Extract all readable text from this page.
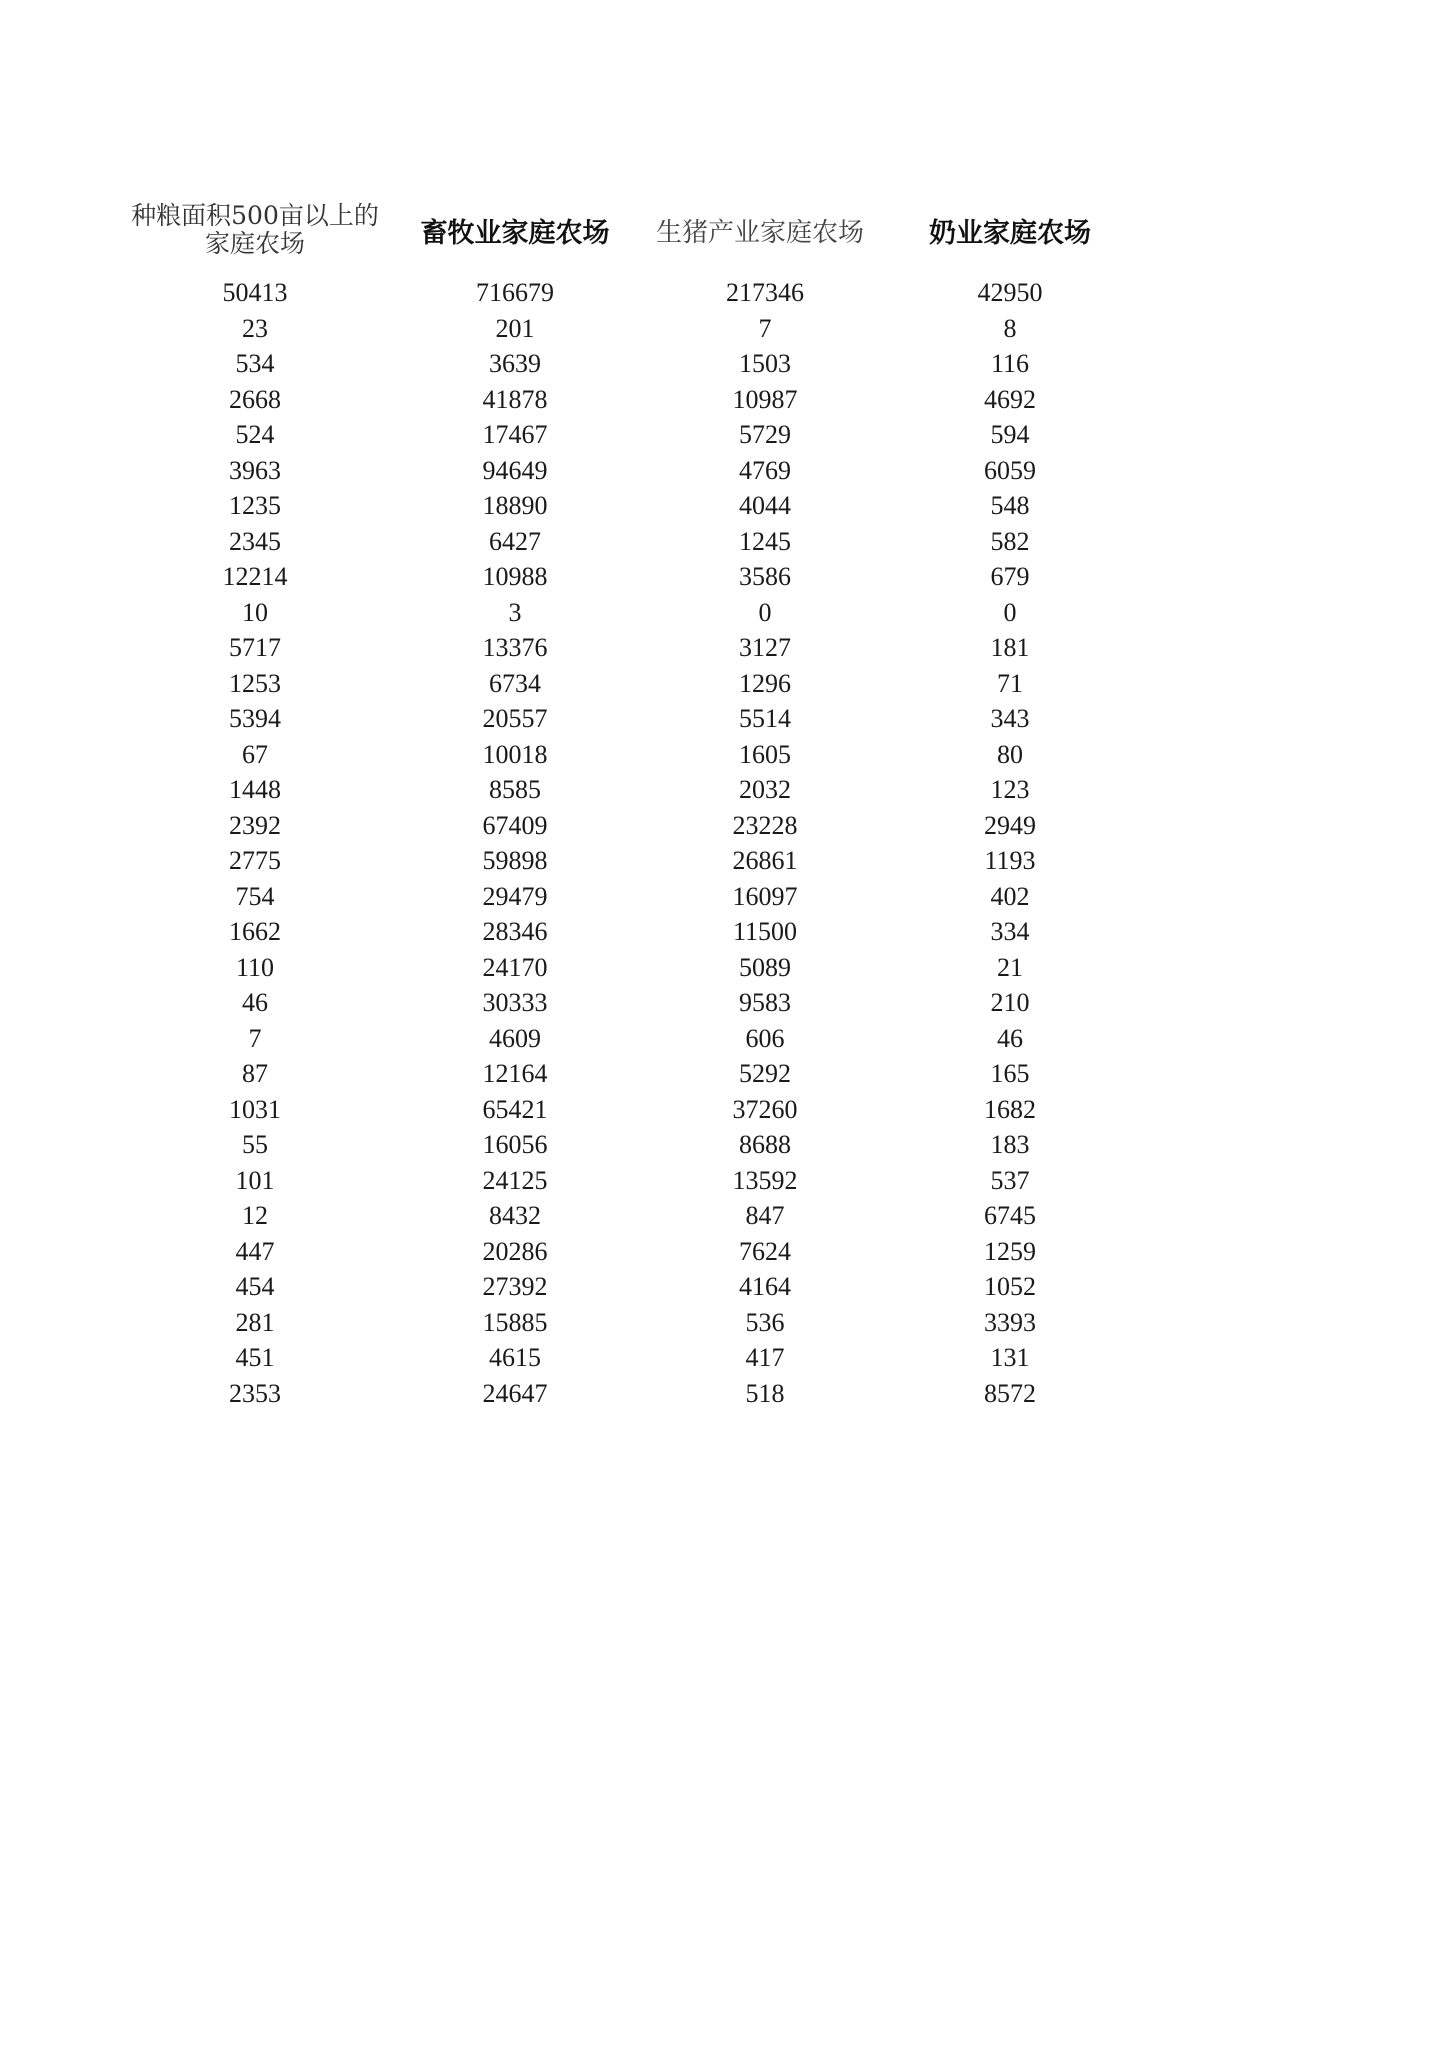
种粮面积500亩以上的
家庭农场	畜牧业家庭农场	生猪产业家庭农场	奶业家庭农场
50413	716679	217346	42950
23	201	7	8
534	3639	1503	116
2668	41878	10987	4692
524	17467	5729	594
3963	94649	4769	6059
1235	18890	4044	548
2345	6427	1245	582
12214	10988	3586	679
10	3	0	0
5717	13376	3127	181
1253	6734	1296	71
5394	20557	5514	343
67	10018	1605	80
1448	8585	2032	123
2392	67409	23228	2949
2775	59898	26861	1193
754	29479	16097	402
1662	28346	11500	334
110	24170	5089	21
46	30333	9583	210
7	4609	606	46
87	12164	5292	165
1031	65421	37260	1682
55	16056	8688	183
101	24125	13592	537
12	8432	847	6745
447	20286	7624	1259
454	27392	4164	1052
281	15885	536	3393
451	4615	417	131
2353	24647	518	8572
